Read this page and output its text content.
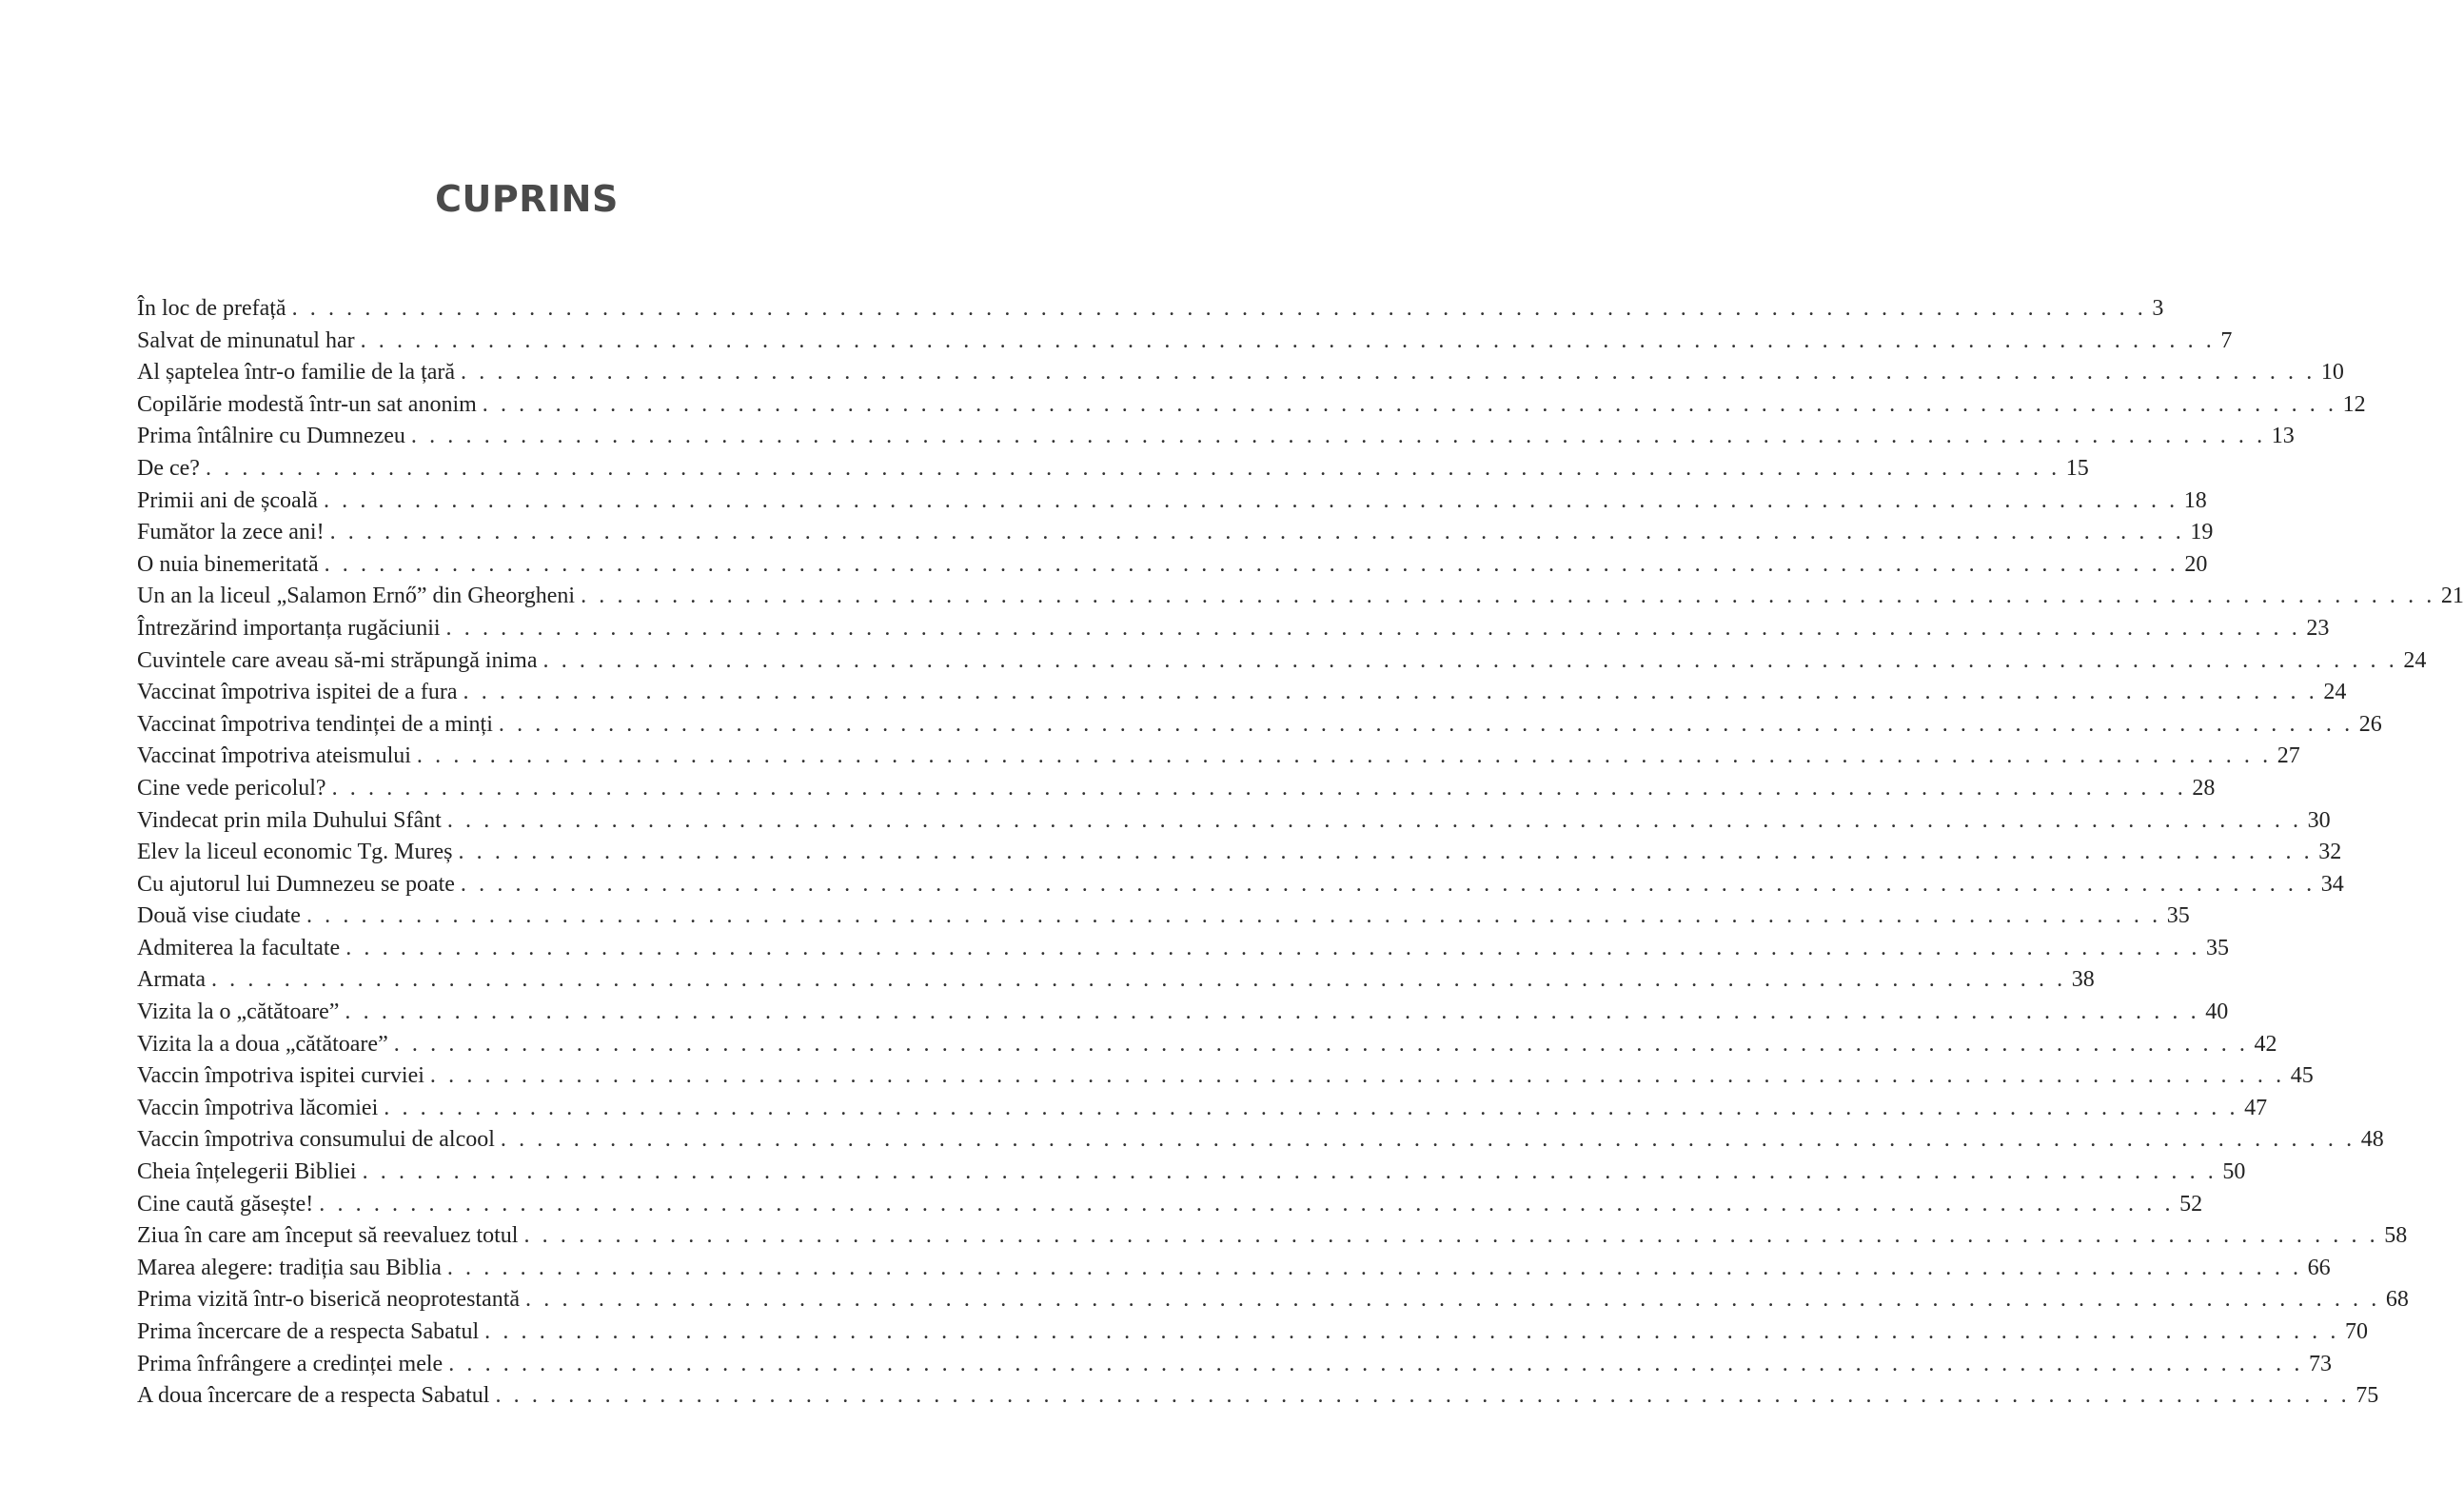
CUPRINS
În loc de prefață . . . . . . . . . . . . . . . . . . . . . . . . . . . . . . . . . . . . . . . . . . . . . . . . . . . . . . . . . . . . . . . . . . . . . . . . . . . . . . . . . . . . . . . . . . . . . . . . . . . . . . 3
Salvat de minunatul har . . . . . . . . . . . . . . . . . . . . . . . . . . . . . . . . . . . . . . . . . . . . . . . . . . . . . . . . . . . . . . . . . . . . . . . . . . . . . . . . . . . . . . . . . . . . . . . . . . . . . . 7
Al șaptelea într-o familie de la țară . . . . . . . . . . . . . . . . . . . . . . . . . . . . . . . . . . . . . . . . . . . . . . . . . . . . . . . . . . . . . . . . . . . . . . . . . . . . . . . . . . . . . . . . . . . . . . . . . . . . . . 10
Copilărie modestă într-un sat anonim . . . . . . . . . . . . . . . . . . . . . . . . . . . . . . . . . . . . . . . . . . . . . . . . . . . . . . . . . . . . . . . . . . . . . . . . . . . . . . . . . . . . . . . . . . . . . . . . . . . . . . 12
Prima întâlnire cu Dumnezeu . . . . . . . . . . . . . . . . . . . . . . . . . . . . . . . . . . . . . . . . . . . . . . . . . . . . . . . . . . . . . . . . . . . . . . . . . . . . . . . . . . . . . . . . . . . . . . . . . . . . . . 13
De ce? . . . . . . . . . . . . . . . . . . . . . . . . . . . . . . . . . . . . . . . . . . . . . . . . . . . . . . . . . . . . . . . . . . . . . . . . . . . . . . . . . . . . . . . . . . . . . . . . . . . . . . 15
Primii ani de școală . . . . . . . . . . . . . . . . . . . . . . . . . . . . . . . . . . . . . . . . . . . . . . . . . . . . . . . . . . . . . . . . . . . . . . . . . . . . . . . . . . . . . . . . . . . . . . . . . . . . . . 18
Fumător la zece ani! . . . . . . . . . . . . . . . . . . . . . . . . . . . . . . . . . . . . . . . . . . . . . . . . . . . . . . . . . . . . . . . . . . . . . . . . . . . . . . . . . . . . . . . . . . . . . . . . . . . . . . 19
O nuia binemeritată . . . . . . . . . . . . . . . . . . . . . . . . . . . . . . . . . . . . . . . . . . . . . . . . . . . . . . . . . . . . . . . . . . . . . . . . . . . . . . . . . . . . . . . . . . . . . . . . . . . . . . 20
Un an la liceul „Salamon Ernő” din Gheorgheni . . . . . . . . . . . . . . . . . . . . . . . . . . . . . . . . . . . . . . . . . . . . . . . . . . . . . . . . . . . . . . . . . . . . . . . . . . . . . . . . . . . . . . . . . . . . . . . . . . . . . . 21
Întrezărind importanța rugăciunii . . . . . . . . . . . . . . . . . . . . . . . . . . . . . . . . . . . . . . . . . . . . . . . . . . . . . . . . . . . . . . . . . . . . . . . . . . . . . . . . . . . . . . . . . . . . . . . . . . . . . . 23
Cuvintele care aveau să-mi străpungă inima . . . . . . . . . . . . . . . . . . . . . . . . . . . . . . . . . . . . . . . . . . . . . . . . . . . . . . . . . . . . . . . . . . . . . . . . . . . . . . . . . . . . . . . . . . . . . . . . . . . . . . 24
Vaccinat împotriva ispitei de a fura . . . . . . . . . . . . . . . . . . . . . . . . . . . . . . . . . . . . . . . . . . . . . . . . . . . . . . . . . . . . . . . . . . . . . . . . . . . . . . . . . . . . . . . . . . . . . . . . . . . . . . 24
Vaccinat împotriva tendinței de a minți . . . . . . . . . . . . . . . . . . . . . . . . . . . . . . . . . . . . . . . . . . . . . . . . . . . . . . . . . . . . . . . . . . . . . . . . . . . . . . . . . . . . . . . . . . . . . . . . . . . . . . 26
Vaccinat împotriva ateismului . . . . . . . . . . . . . . . . . . . . . . . . . . . . . . . . . . . . . . . . . . . . . . . . . . . . . . . . . . . . . . . . . . . . . . . . . . . . . . . . . . . . . . . . . . . . . . . . . . . . . . 27
Cine vede pericolul? . . . . . . . . . . . . . . . . . . . . . . . . . . . . . . . . . . . . . . . . . . . . . . . . . . . . . . . . . . . . . . . . . . . . . . . . . . . . . . . . . . . . . . . . . . . . . . . . . . . . . . 28
Vindecat prin mila Duhului Sfânt . . . . . . . . . . . . . . . . . . . . . . . . . . . . . . . . . . . . . . . . . . . . . . . . . . . . . . . . . . . . . . . . . . . . . . . . . . . . . . . . . . . . . . . . . . . . . . . . . . . . . . 30
Elev la liceul economic Tg. Mureș . . . . . . . . . . . . . . . . . . . . . . . . . . . . . . . . . . . . . . . . . . . . . . . . . . . . . . . . . . . . . . . . . . . . . . . . . . . . . . . . . . . . . . . . . . . . . . . . . . . . . . 32
Cu ajutorul lui Dumnezeu se poate . . . . . . . . . . . . . . . . . . . . . . . . . . . . . . . . . . . . . . . . . . . . . . . . . . . . . . . . . . . . . . . . . . . . . . . . . . . . . . . . . . . . . . . . . . . . . . . . . . . . . . 34
Două vise ciudate . . . . . . . . . . . . . . . . . . . . . . . . . . . . . . . . . . . . . . . . . . . . . . . . . . . . . . . . . . . . . . . . . . . . . . . . . . . . . . . . . . . . . . . . . . . . . . . . . . . . . . 35
Admiterea la facultate . . . . . . . . . . . . . . . . . . . . . . . . . . . . . . . . . . . . . . . . . . . . . . . . . . . . . . . . . . . . . . . . . . . . . . . . . . . . . . . . . . . . . . . . . . . . . . . . . . . . . . 35
Armata . . . . . . . . . . . . . . . . . . . . . . . . . . . . . . . . . . . . . . . . . . . . . . . . . . . . . . . . . . . . . . . . . . . . . . . . . . . . . . . . . . . . . . . . . . . . . . . . . . . . . . 38
Vizita la o „cătătoare” . . . . . . . . . . . . . . . . . . . . . . . . . . . . . . . . . . . . . . . . . . . . . . . . . . . . . . . . . . . . . . . . . . . . . . . . . . . . . . . . . . . . . . . . . . . . . . . . . . . . . . 40
Vizita la a doua „cătătoare” . . . . . . . . . . . . . . . . . . . . . . . . . . . . . . . . . . . . . . . . . . . . . . . . . . . . . . . . . . . . . . . . . . . . . . . . . . . . . . . . . . . . . . . . . . . . . . . . . . . . . . 42
Vaccin împotriva ispitei curviei . . . . . . . . . . . . . . . . . . . . . . . . . . . . . . . . . . . . . . . . . . . . . . . . . . . . . . . . . . . . . . . . . . . . . . . . . . . . . . . . . . . . . . . . . . . . . . . . . . . . . . 45
Vaccin împotriva lăcomiei . . . . . . . . . . . . . . . . . . . . . . . . . . . . . . . . . . . . . . . . . . . . . . . . . . . . . . . . . . . . . . . . . . . . . . . . . . . . . . . . . . . . . . . . . . . . . . . . . . . . . . 47
Vaccin împotriva consumului de alcool . . . . . . . . . . . . . . . . . . . . . . . . . . . . . . . . . . . . . . . . . . . . . . . . . . . . . . . . . . . . . . . . . . . . . . . . . . . . . . . . . . . . . . . . . . . . . . . . . . . . . . 48
Cheia înțelegerii Bibliei . . . . . . . . . . . . . . . . . . . . . . . . . . . . . . . . . . . . . . . . . . . . . . . . . . . . . . . . . . . . . . . . . . . . . . . . . . . . . . . . . . . . . . . . . . . . . . . . . . . . . . 50
Cine caută găsește! . . . . . . . . . . . . . . . . . . . . . . . . . . . . . . . . . . . . . . . . . . . . . . . . . . . . . . . . . . . . . . . . . . . . . . . . . . . . . . . . . . . . . . . . . . . . . . . . . . . . . . 52
Ziua în care am început să reevaluez totul . . . . . . . . . . . . . . . . . . . . . . . . . . . . . . . . . . . . . . . . . . . . . . . . . . . . . . . . . . . . . . . . . . . . . . . . . . . . . . . . . . . . . . . . . . . . . . . . . . . . . . 58
Marea alegere: tradiția sau Biblia . . . . . . . . . . . . . . . . . . . . . . . . . . . . . . . . . . . . . . . . . . . . . . . . . . . . . . . . . . . . . . . . . . . . . . . . . . . . . . . . . . . . . . . . . . . . . . . . . . . . . . 66
Prima vizită într-o biserică neoprotestantă . . . . . . . . . . . . . . . . . . . . . . . . . . . . . . . . . . . . . . . . . . . . . . . . . . . . . . . . . . . . . . . . . . . . . . . . . . . . . . . . . . . . . . . . . . . . . . . . . . . . . . 68
Prima încercare de a respecta Sabatul . . . . . . . . . . . . . . . . . . . . . . . . . . . . . . . . . . . . . . . . . . . . . . . . . . . . . . . . . . . . . . . . . . . . . . . . . . . . . . . . . . . . . . . . . . . . . . . . . . . . . . 70
Prima înfrângere a credinței mele . . . . . . . . . . . . . . . . . . . . . . . . . . . . . . . . . . . . . . . . . . . . . . . . . . . . . . . . . . . . . . . . . . . . . . . . . . . . . . . . . . . . . . . . . . . . . . . . . . . . . . 73
A doua încercare de a respecta Sabatul . . . . . . . . . . . . . . . . . . . . . . . . . . . . . . . . . . . . . . . . . . . . . . . . . . . . . . . . . . . . . . . . . . . . . . . . . . . . . . . . . . . . . . . . . . . . . . . . . . . . . . 75
